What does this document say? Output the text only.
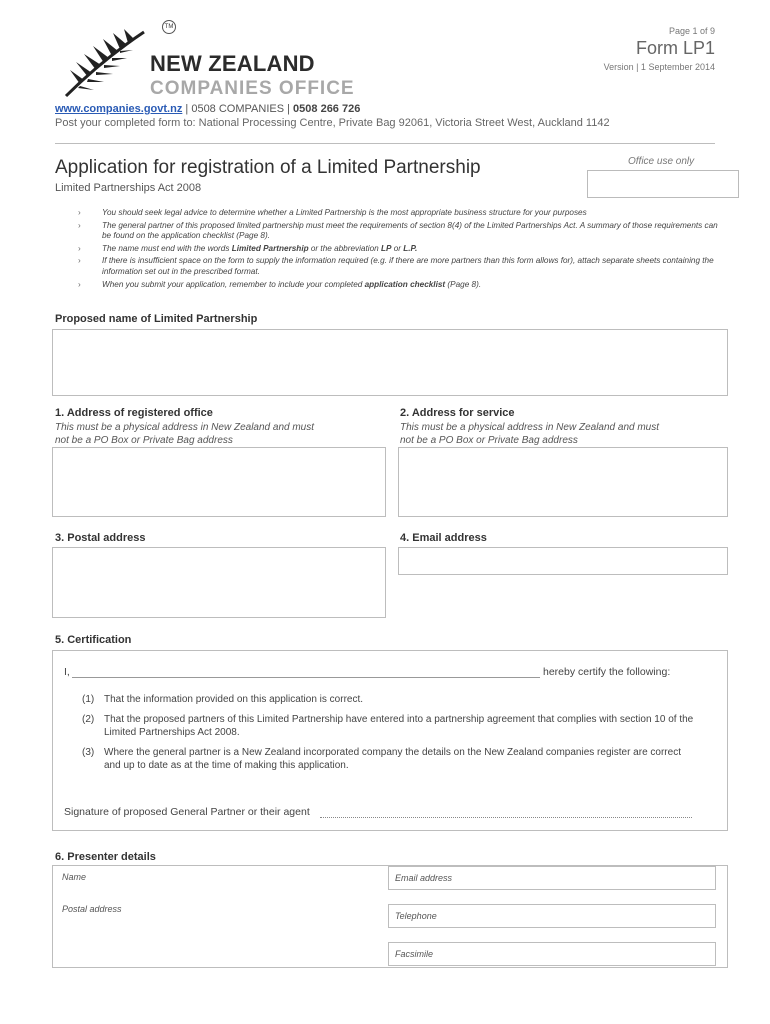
TM
NEW ZEALAND
COMPANIES OFFICE
Page 1 of 9
Form LP1
Version | 1 September 2014
www.companies.govt.nz | 0508 COMPANIES | 0508 266 726
Post your completed form to: National Processing Centre, Private Bag 92061, Victoria Street West, Auckland 1142
Application for registration of a Limited Partnership
Limited Partnerships Act 2008
Office use only
›	You should seek legal advice to determine whether a Limited Partnership is the most appropriate business structure for your purposes
›	The general partner of this proposed limited partnership must meet the requirements of section 8(4) of the Limited Partnerships Act. A summary of those requirements can be found on the application checklist (Page 8).
›	The name must end with the words Limited Partnership or the abbreviation LP or L.P.
›	If there is insufficient space on the form to supply the information required (e.g. if there are more partners than this form allows for), attach separate sheets containing the information set out in the prescribed format.
›	When you submit your application, remember to include your completed application checklist (Page 8).
Proposed name of Limited Partnership
1. Address of registered office
This must be a physical address in New Zealand and must not be a PO Box or Private Bag address
2. Address for service
This must be a physical address in New Zealand and must not be a PO Box or Private Bag address
3. Postal address	4. Email address
5. Certification
I,	hereby certify the following:
(1) That the information provided on this application is correct.
(2) That the proposed partners of this Limited Partnership have entered into a partnership agreement that complies with section 10 of the Limited Partnerships Act 2008.
(3) Where the general partner is a New Zealand incorporated company the details on the New Zealand companies register are correct and up to date as at the time of making this application.
Signature of proposed General Partner or their agent
6. Presenter details
Name
Postal address
Email address
Telephone
Facsimile
